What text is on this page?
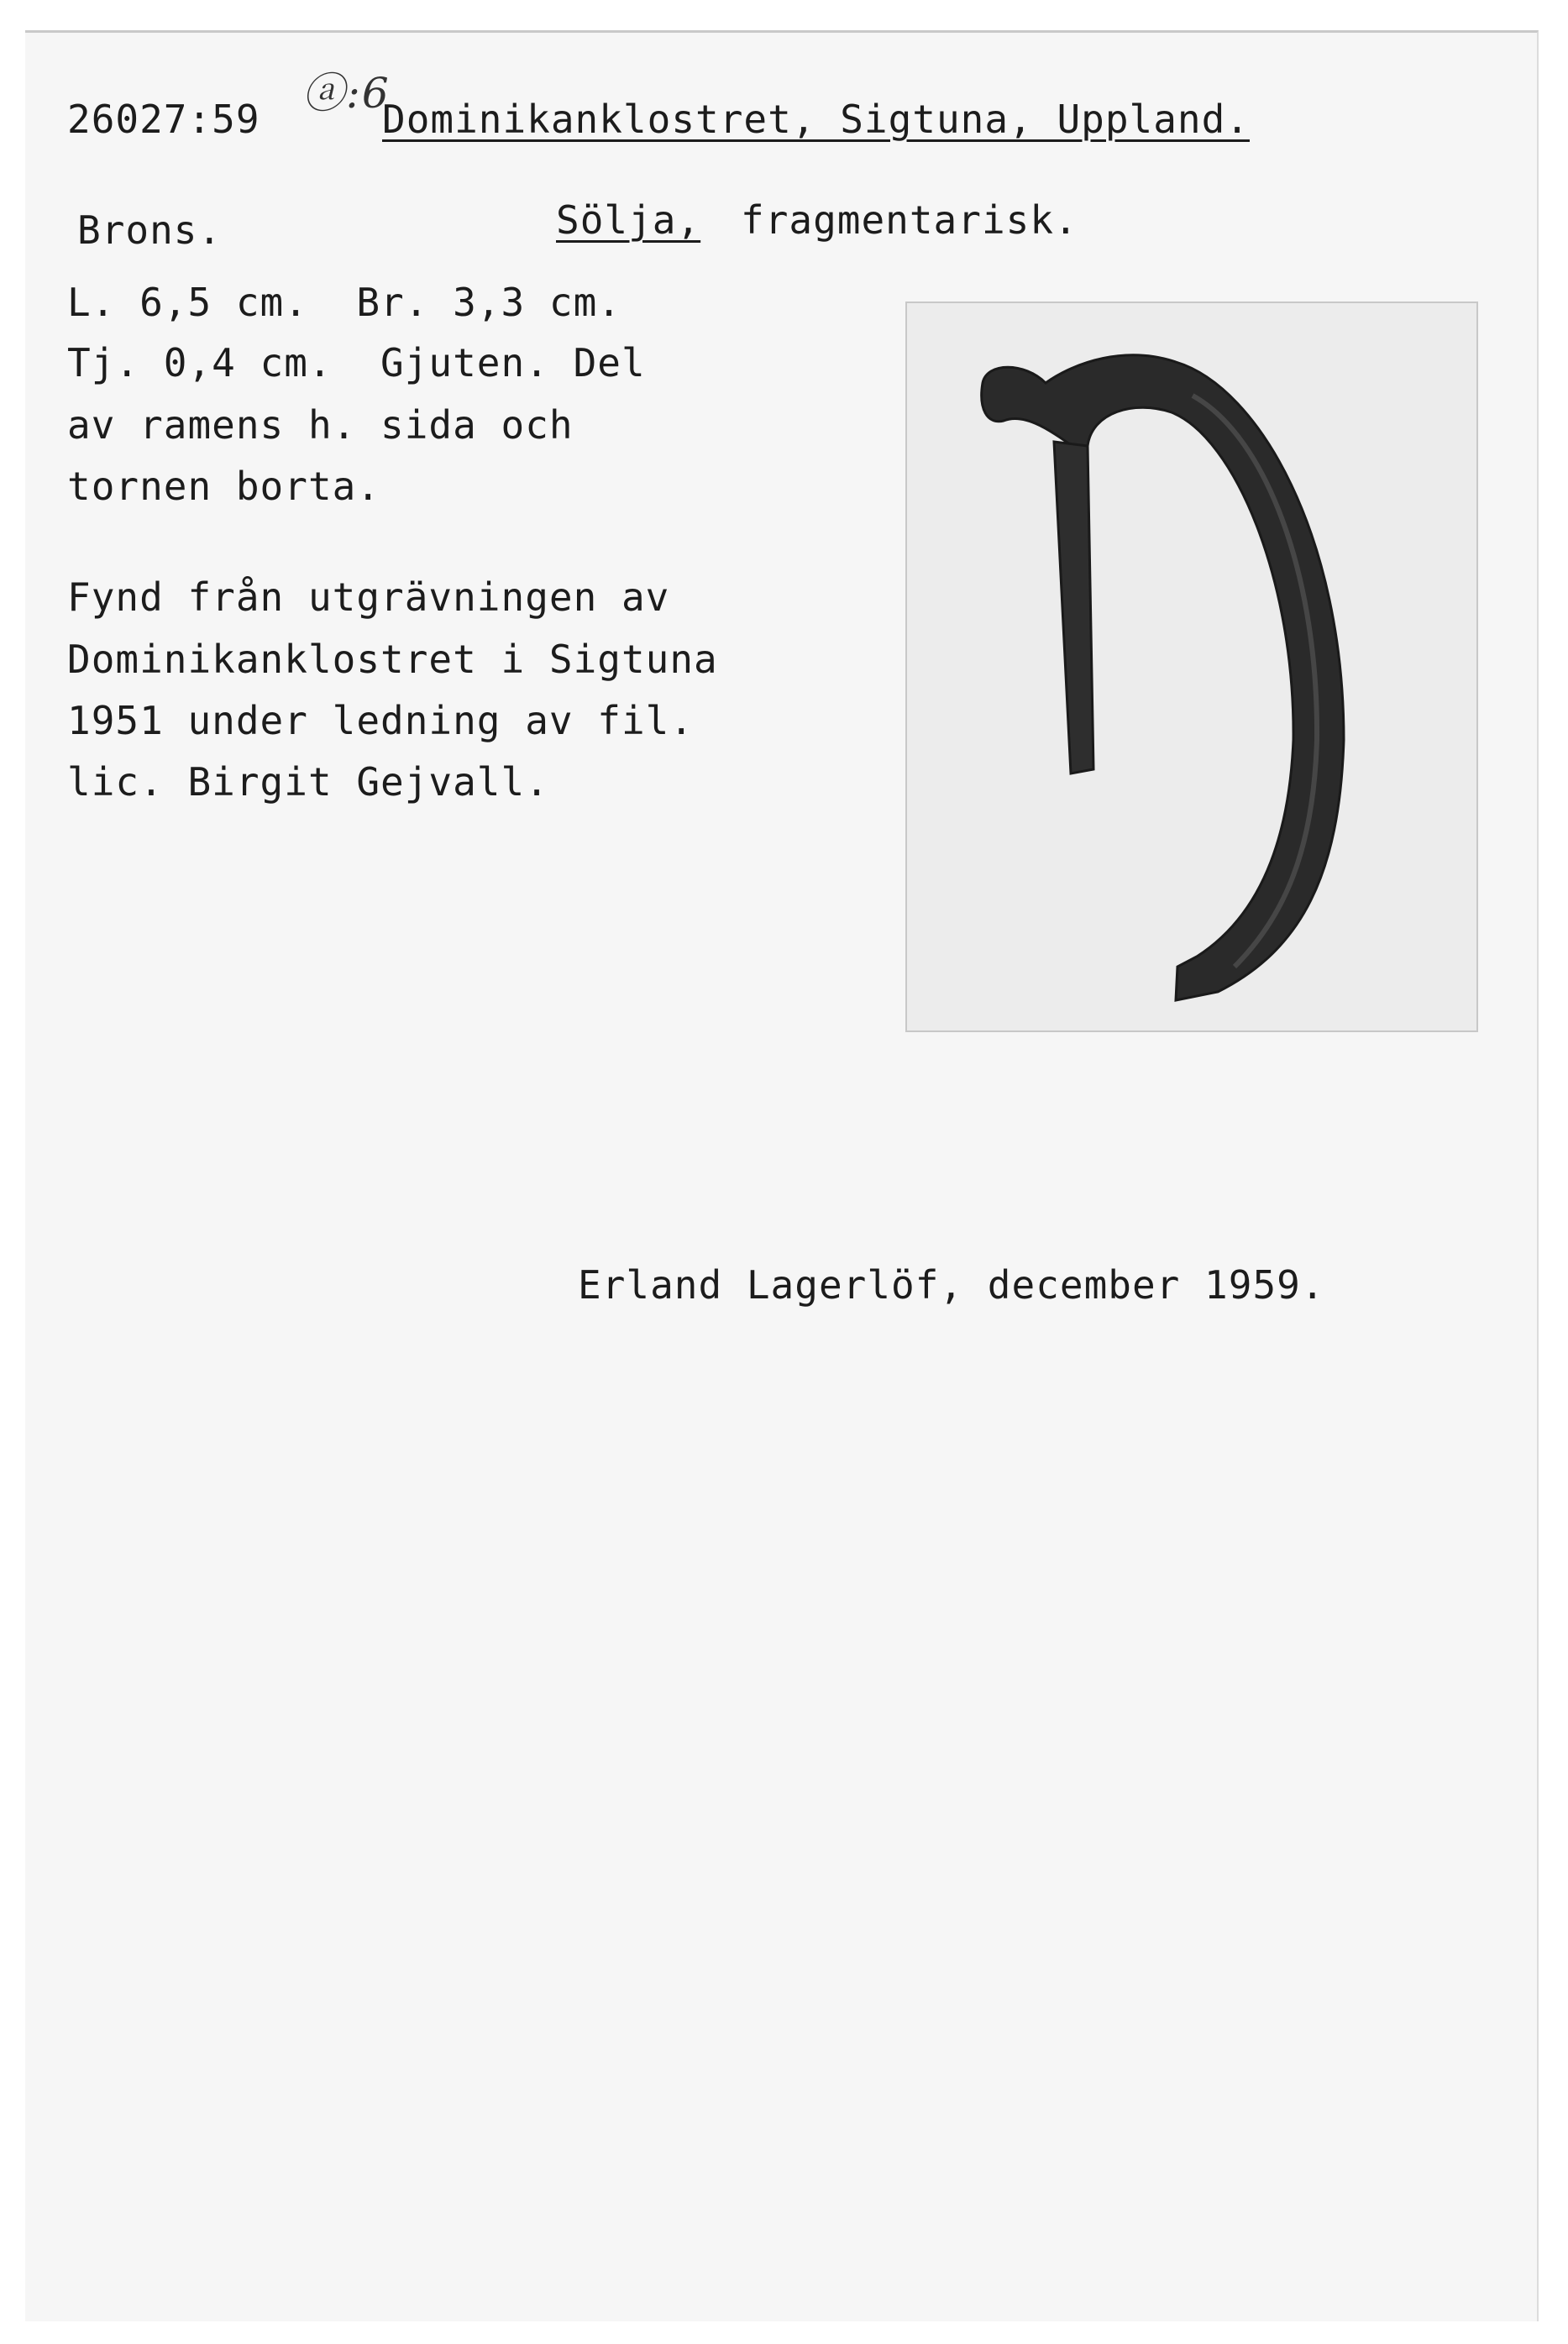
ⓐ:6
26027:59	Dominikanklostret, Sigtuna, Uppland.
Brons.	Sölja, fragmentarisk.
L. 6,5 cm.  Br. 3,3 cm.
Tj. 0,4 cm.  Gjuten. Del
av ramens h. sida och
tornen borta.
Fynd från utgrävningen av
Dominikanklostret i Sigtuna
1951 under ledning av fil.
lic. Birgit Gejvall.
Erland Lagerlöf, december 1959.
